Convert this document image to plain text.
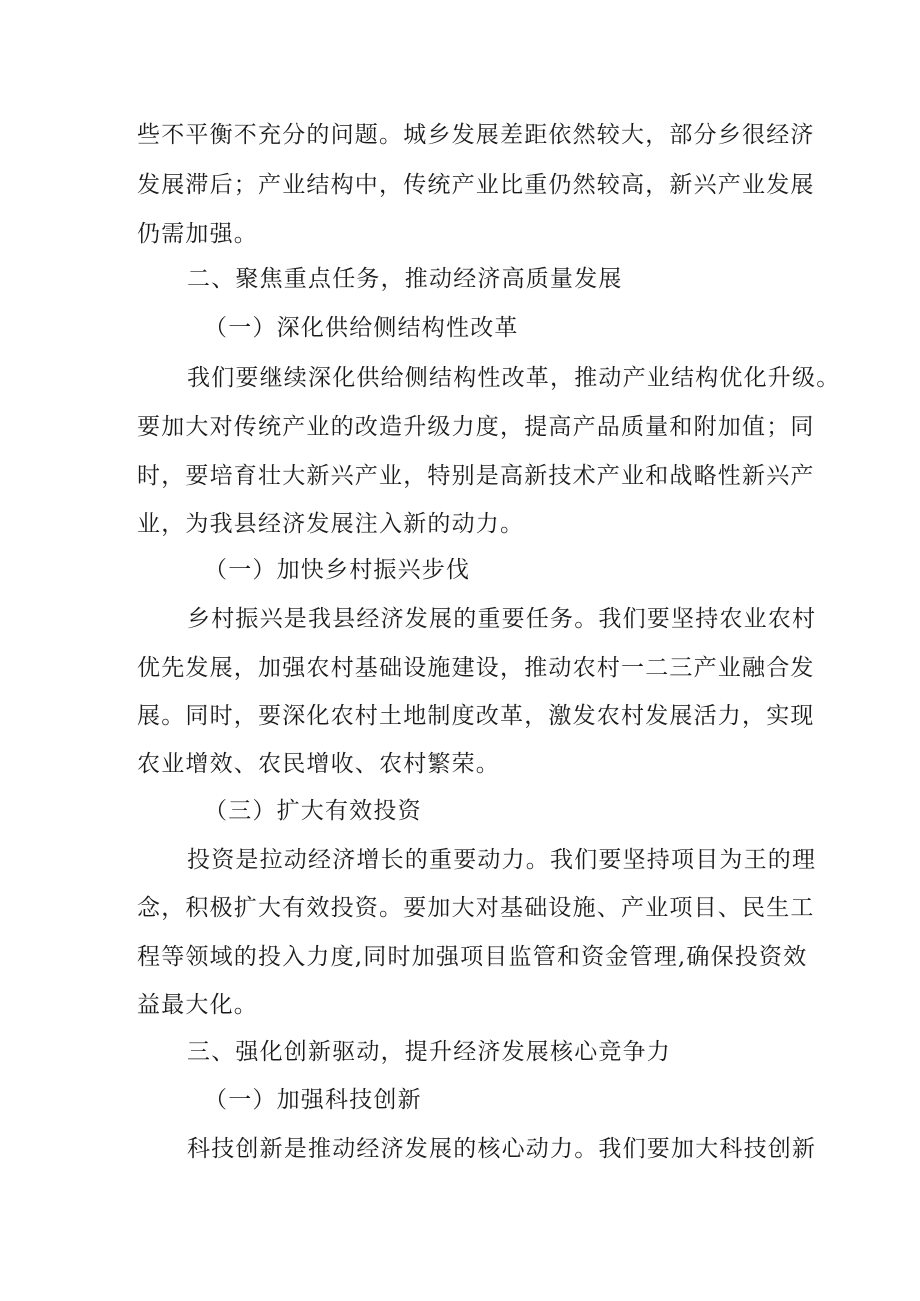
些不平衡不充分的问题。城乡发展差距依然较大，部分乡很经济
发展滞后；产业结构中，传统产业比重仍然较高，新兴产业发展
仍需加强。
二、聚焦重点任务，推动经济高质量发展
（一）深化供给侧结构性改革
我们要继续深化供给侧结构性改革，推动产业结构优化升级。
要加大对传统产业的改造升级力度，提高产品质量和附加值；同
时，要培育壮大新兴产业，特别是高新技术产业和战略性新兴产
业，为我县经济发展注入新的动力。
（一）加快乡村振兴步伐
乡村振兴是我县经济发展的重要任务。我们要坚持农业农村
优先发展，加强农村基础设施建设，推动农村一二三产业融合发
展。同时，要深化农村土地制度改革，激发农村发展活力，实现
农业增效、农民增收、农村繁荣。
（三）扩大有效投资
投资是拉动经济增长的重要动力。我们要坚持项目为王的理
念，积极扩大有效投资。要加大对基础设施、产业项目、民生工
程等领域的投入力度,同时加强项目监管和资金管理,确保投资效
益最大化。
三、强化创新驱动，提升经济发展核心竞争力
（一）加强科技创新
科技创新是推动经济发展的核心动力。我们要加大科技创新
